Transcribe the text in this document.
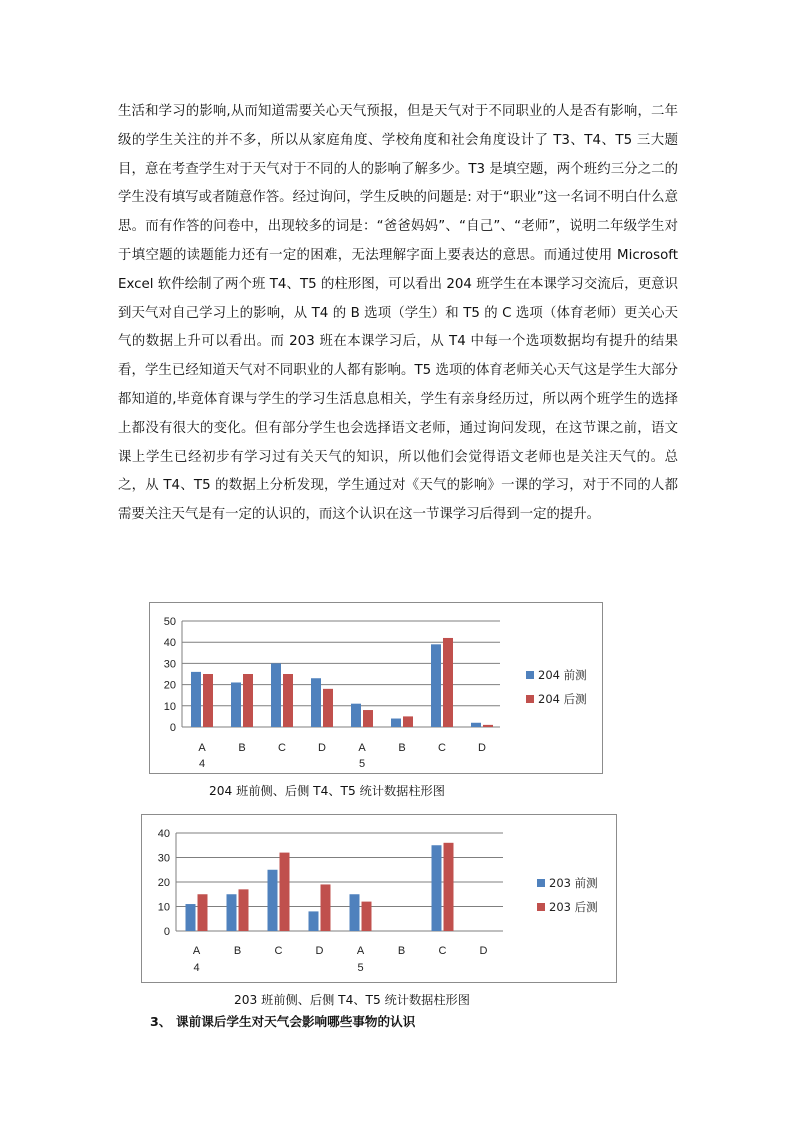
生活和学习的影响,从而知道需要关心天气预报，但是天气对于不同职业的人是否有影响，二年级的学生关注的并不多，所以从家庭角度、学校角度和社会角度设计了 T3、T4、T5 三大题目，意在考查学生对于天气对于不同的人的影响了解多少。T3 是填空题，两个班约三分之二的学生没有填写或者随意作答。经过询问，学生反映的问题是: 对于“职业”这一名词不明白什么意思。而有作答的问卷中，出现较多的词是：“爸爸妈妈”、“自己”、“老师”，说明二年级学生对于填空题的读题能力还有一定的困难，无法理解字面上要表达的意思。而通过使用 Microsoft Excel 软件绘制了两个班 T4、T5 的柱形图，可以看出 204 班学生在本课学习交流后，更意识到天气对自己学习上的影响，从 T4 的 B 选项（学生）和 T5 的 C 选项（体育老师）更关心天气的数据上升可以看出。而 203 班在本课学习后，从 T4 中每一个选项数据均有提升的结果看，学生已经知道天气对不同职业的人都有影响。T5 选项的体育老师关心天气这是学生大部分都知道的,毕竟体育课与学生的学习生活息息相关，学生有亲身经历过，所以两个班学生的选择上都没有很大的变化。但有部分学生也会选择语文老师，通过询问发现，在这节课之前，语文课上学生已经初步有学习过有关天气的知识，所以他们会觉得语文老师也是关注天气的。总之，从 T4、T5 的数据上分析发现，学生通过对《天气的影响》一课的学习，对于不同的人都需要关注天气是有一定的认识的，而这个认识在这一节课学习后得到一定的提升。

0
10
20
30
40
50
A	B	C	D	A	B	C	D
4	5
204 前测
204 后测
204 班前侧、后侧 T4、T5 统计数据柱形图
0
10
20
30
40
A	B	C	D	A	B	C	D
4	5
203 前测
203 后测
203 班前侧、后侧 T4、T5 统计数据柱形图
3、 课前课后学生对天气会影响哪些事物的认识
